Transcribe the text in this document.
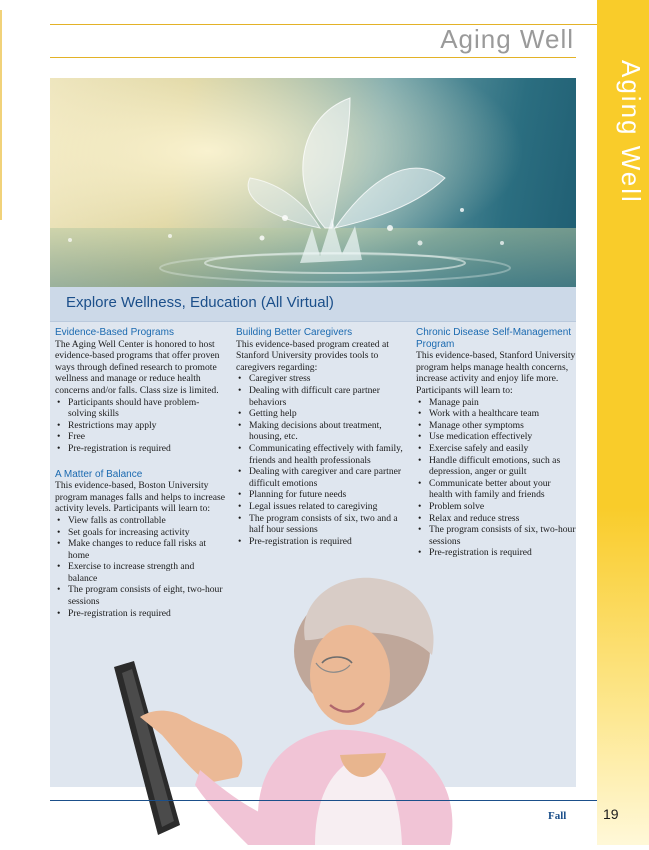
Aging Well
Aging Well
Explore Wellness, Education (All Virtual)
Evidence-Based Programs

The Aging Well Center is honored to host evidence-based programs that offer proven ways through defined research to promote wellness and manage or reduce health concerns and/or falls. Class size is limited.

• Participants should have problem-solving skills
• Restrictions may apply
• Free
• Pre-registration is required
A Matter of Balance

This evidence-based, Boston University program manages falls and helps to increase activity levels. Participants will learn to:

• View falls as controllable
• Set goals for increasing activity
• Make changes to reduce fall risks at home
• Exercise to increase strength and balance
• The program consists of eight, two-hour sessions
• Pre-registration is required
Building Better Caregivers

This evidence-based program created at Stanford University provides tools to caregivers regarding:

• Caregiver stress
• Dealing with difficult care partner behaviors
• Getting help
• Making decisions about treatment, housing, etc.
• Communicating effectively with family, friends and health professionals
• Dealing with caregiver and care partner difficult emotions
• Planning for future needs
• Legal issues related to caregiving
• The program consists of six, two and a half hour sessions
• Pre-registration is required
Chronic Disease Self-Management Program

This evidence-based, Stanford University program helps manage health concerns, increase activity and enjoy life more. Participants will learn to:

• Manage pain
• Work with a healthcare team
• Manage other symptoms
• Use medication effectively
• Exercise safely and easily
• Handle difficult emotions, such as depression, anger or guilt
• Communicate better about your health with family and friends
• Problem solve
• Relax and reduce stress
• The program consists of six, two-hour sessions
• Pre-registration is required
Fall	19
